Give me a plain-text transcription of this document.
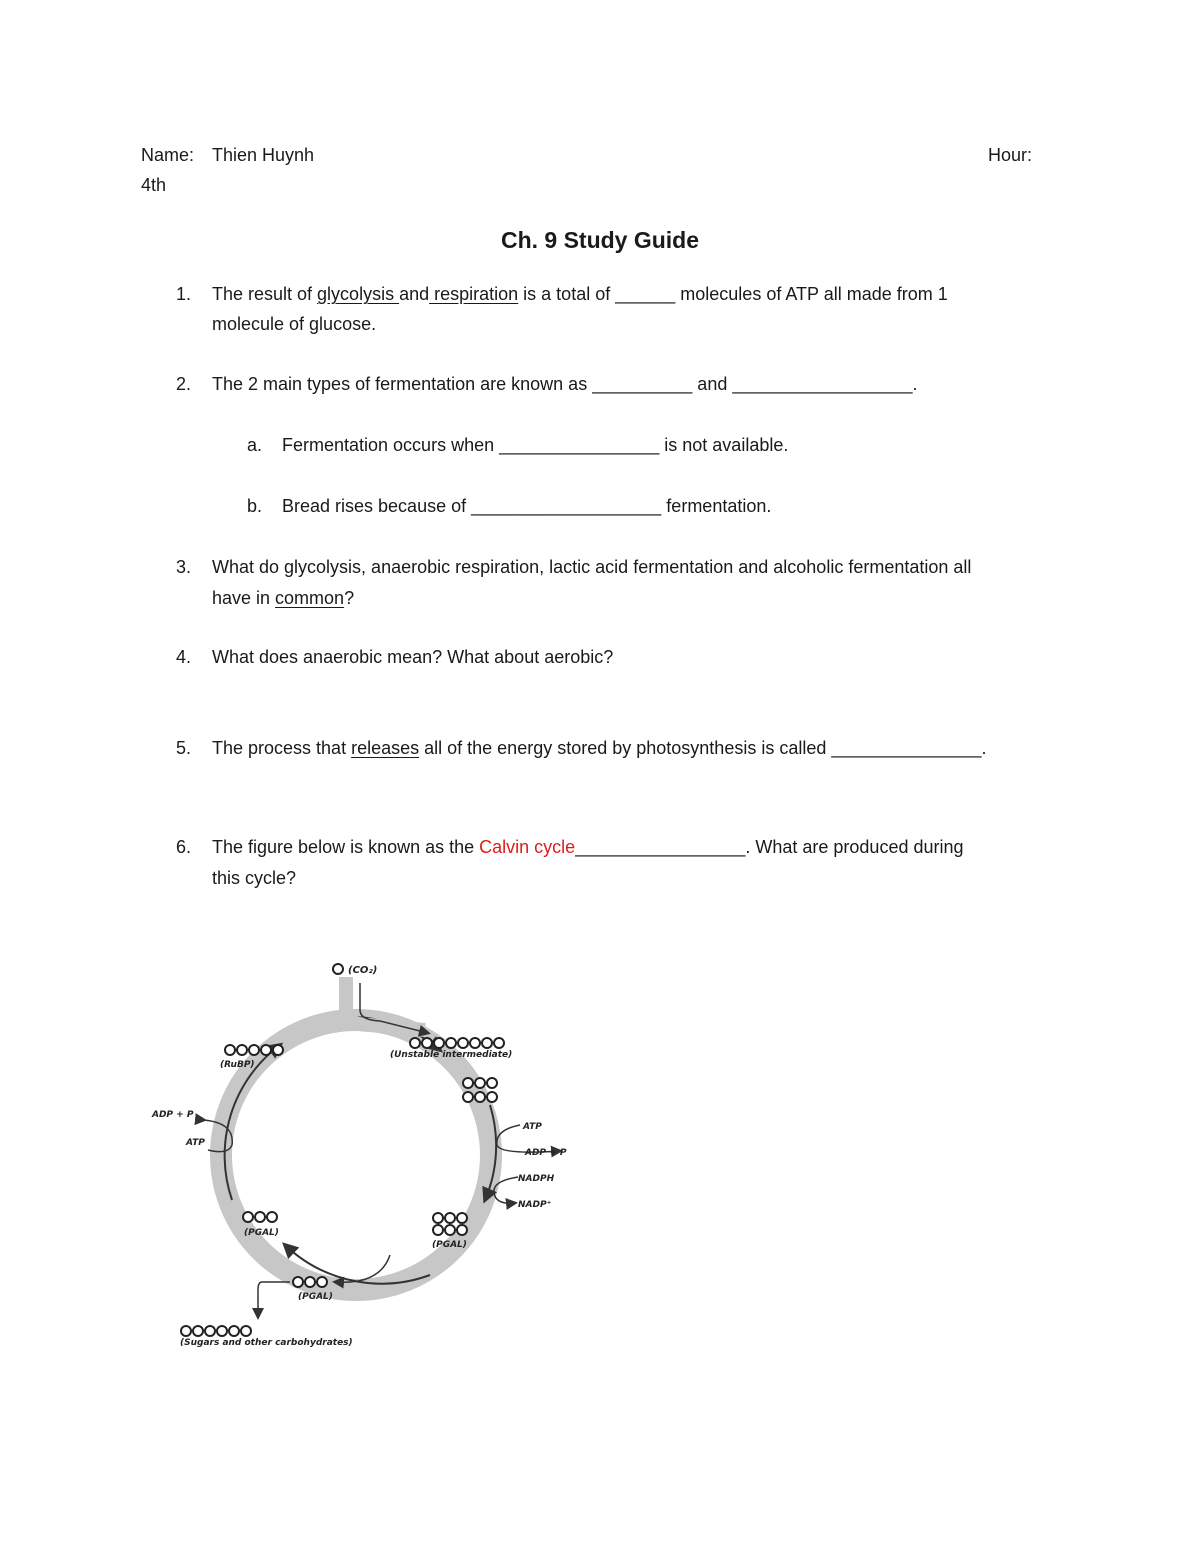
Name: Thien Huynh	Hour:
4th
Ch. 9 Study Guide
1. The result of glycolysis and respiration is a total of ______ molecules of ATP all made from 1
molecule of glucose.
2. The 2 main types of fermentation are known as __________ and __________________.
a. Fermentation occurs when ________________ is not available.
b. Bread rises because of ___________________ fermentation.
3. What do glycolysis, anaerobic respiration, lactic acid fermentation and alcoholic fermentation all
have in common?
4. What does anaerobic mean? What about aerobic?
5. The process that releases all of the energy stored by photosynthesis is called _______________.
6. The figure below is known as the Calvin cycle_________________. What are produced during
this cycle?
(CO₂)
(RuBP)
(Unstable intermediate)
ADP + P
ATP
ATP
ADP + P
NADPH
NADP⁺
(PGAL)
(PGAL)
(PGAL)
(Sugars and other carbohydrates)
